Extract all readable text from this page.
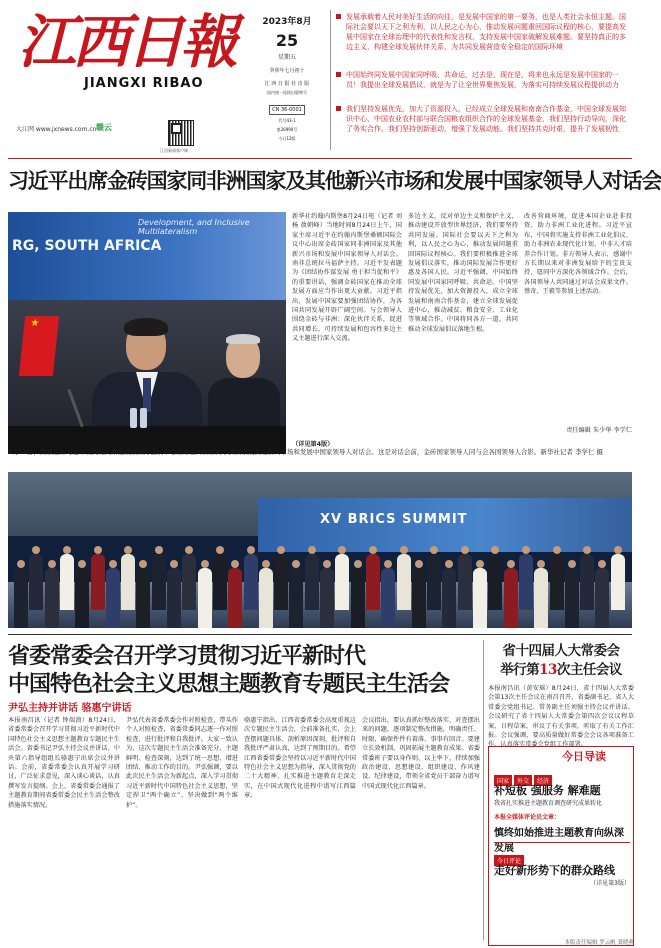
江西日報
JIANGXI RIBAO
大江网 www.jxnews.com.cn 赣云
江西新闻客户端
2023年8月
25
星期五
癸卯年七月初十
江 西 日 报 社 出 版
国内统一连续出版物号
CN 36-0001
代号43-1
第26990号
今日12版
发展承载着人民对美好生活的向往，是发展中国家的第一要务，也是人类社会永恒主题。国际社会要以天下之利为利，以人民之心为心，推动发展问题重回国际议程的核心，要提高发展中国家在全球治理中的代表性和发言权，支持发展中国家破解发展难题。要坚持真正的多边主义，构建全球发展伙伴关系，为共同发展营造安全稳定的国际环境
中国始终同发展中国家同呼吸、共命运，过去是、现在是、将来也永远是发展中国家的一员！我提出全球发展倡议，就是为了让全世界聚焦发展，为落实可持续发展议程提供动力
我们坚持发展优先，加大了资源投入，已经成立全球发展和南南合作基金，中国全球发展知识中心、中国农业农村部与联合国粮农组织合作的全球发展基金，我们坚持行动导向，深化了务实合作。我们坚持创新驱动，增强了发展动能。我们坚持共克时艰，提升了发展韧性
习近平出席金砖国家同非洲国家及其他新兴市场和发展中国家领导人对话会
Development, and Inclusive Multilateralism
RG, SOUTH AFRICA
★
新华社约翰内斯堡8月24日电（记者 刘杨 敖朝峰）当地时间8月24日上午，国家主席习近平在约翰内斯堡桑顿国际会议中心出席金砖国家同非洲国家及其他新兴市场和发展中国家领导人对话会。南非总统拉马福萨主持。习近平发表题为《团结协作谋发展 勇于担当促和平》的重要讲话，强调金砖国家在推动全球发展方面应当作出更大贡献。习近平指出，发展中国家要加强团结协作，为各国共同发展开辟广阔空间。与会领导人围绕金砖与非洲：深化伙伴关系，促进共同增长、可持续发展和包容性多边主义主题进行深入交流。
多边主义，反对单边主义和保护主义，推动建设开放型世界经济，我们要坚持共同发展。国际社会要以天下之利为利，以人民之心为心，推动发展问题重回国际议程核心。我们要积极推进全球发展倡议落实，推动国际发展合作更好惠及各国人民。习近平强调，中国始终同发展中国家同呼吸、共命运。中国坚持发展优先，加大资源投入，成立全球发展和南南合作基金，建立全球发展促进中心，推动减贫、粮食安全、工业化等领域合作。中国将同各方一道，共同推动全球发展倡议落地生根。
改善营商环境，促进本国企业赴非投资，助力非洲工业化进程。习近平宣布，中国将实施支持非洲工业化倡议、助力非洲农业现代化计划、中非人才培养合作计划。非方领导人表示，感谢中方长期以来对非洲发展给予的宝贵支持，愿同中方深化各领域合作。会后，各国领导人共同通过对话会成果文件。蔡奇、王毅等参加上述活动。
责任编辑 朱少华 李学仁
（详见第4版）
8月24日，国家主席习近平在约翰内斯堡桑顿国际会议中心出席金砖国家同非洲国家及其他新兴市场和发展中国家领导人对话会。这是对话会前，金砖国家领导人同与会各国领导人合影。新华社记者 李学仁 摄
XV BRICS SUMMIT
省委常委会召开学习贯彻习近平新时代
中国特色社会主义思想主题教育专题民主生活会
尹弘主持并讲话 骆惠宁讲话
本报南昌讯（记者 钟端浪）8月24日，省委常委会召开学习贯彻习近平新时代中国特色社会主义思想主题教育专题民主生活会。省委书记尹弘主持会议并讲话。中央第六指导组组长骆惠宁出席会议并讲话。会前，省委常委会认真开展学习研讨，广泛征求意见，深入谈心谈话，认真撰写发言提纲。会上，省委常委会通报了主题教育期间省委常委会民主生活会整改措施落实情况。
尹弘代表省委常委会作对照检查，带头作个人对照检查，省委常委同志逐一作对照检查，进行批评和自我批评。大家一致认为，这次专题民主生活会准备充分、主题鲜明、检查深刻，达到了统一思想、增进团结、推动工作的目的。尹弘强调，要以此次民主生活会为新起点，深入学习贯彻习近平新时代中国特色社会主义思想，坚定捍卫“两个确立”、坚决做到“两个维护”。
骆惠宁指出，江西省委常委会高度重视这次专题民主生活会，会前准备扎实，会上查摆问题具体、剖析原因深刻，批评和自我批评严肃认真，达到了预期目的。希望江西省委常委会坚持以习近平新时代中国特色社会主义思想为指导，深入贯彻党的二十大精神，扎实推进主题教育走深走实，在中国式现代化进程中谱写江西篇章。
会议指出，要认真抓好整改落实，对查摆出来的问题，逐项制定整改措施，明确责任、时限，确保件件有着落、事事有回音。要建立长效机制，巩固拓展主题教育成果。省委常委班子要以身作则、以上率下，持续加强政治建设、思想建设、组织建设、作风建设、纪律建设，带领全省党员干部奋力谱写中国式现代化江西篇章。
省十四届人大常委会
举行第13次主任会议
本报南昌讯（黄安瑶）8月24日，省十四届人大常委会第13次主任会议在南昌召开，省委副书记、省人大常委会党组书记、常务副主任刘强主持会议并讲话。会议研究了省十四届人大常委会第四次会议议程草案、日程草案，审议了有关事项，听取了有关工作汇报。会议强调，要高质量做好常委会会议各项准备工作，认真落实常委会党组工作部署。
今日导读
国家 外交 经济
补短板 强服务 解难题
我省扎实推进主题教育调查研究成果转化
本报全媒体评论员文章：
慎终如始推进主题教育向纵深发展
今日评论
走好新形势下的群众路线
（详见第3版）
本版责任编辑 罗云帆 龚晓燕
